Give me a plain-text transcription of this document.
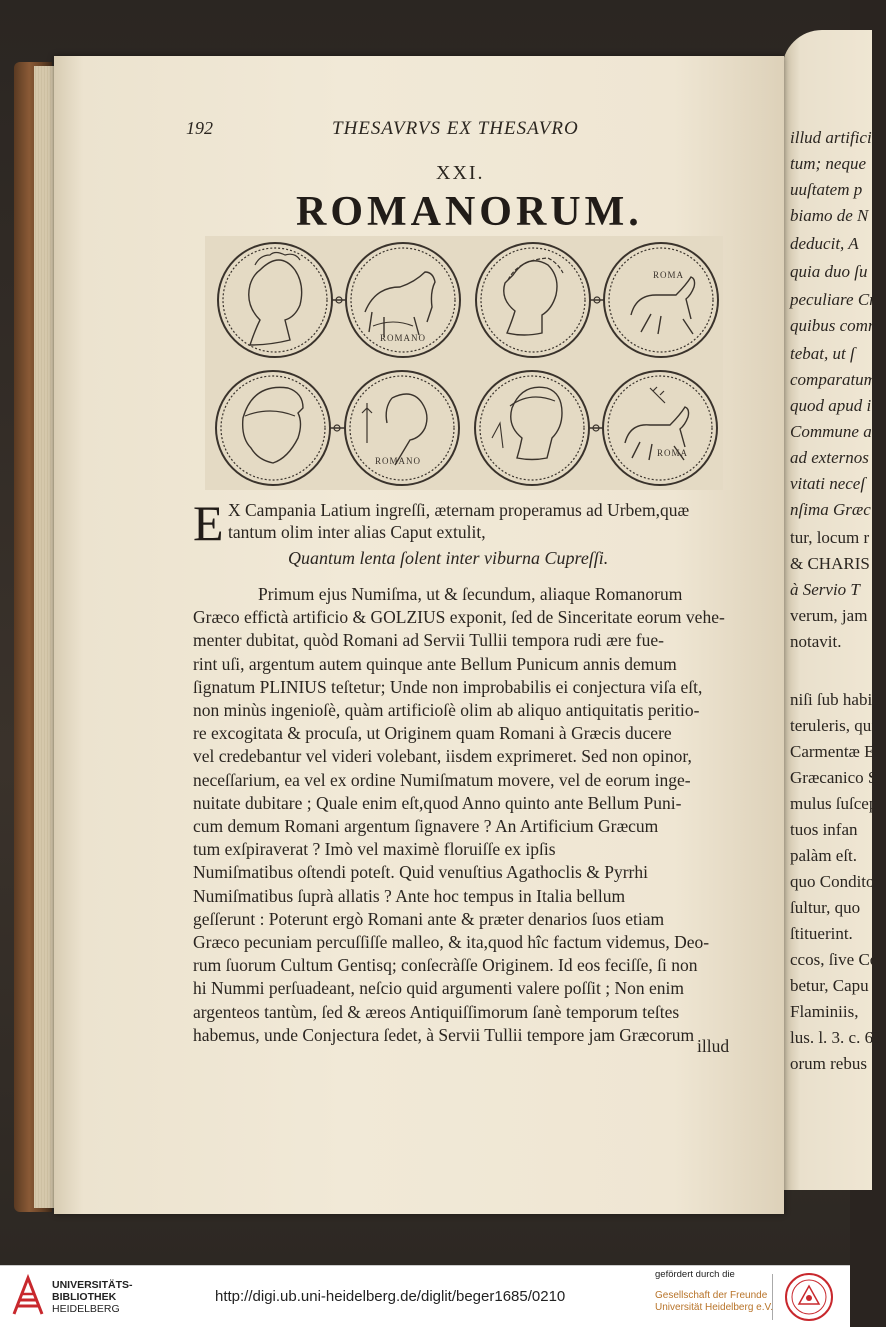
illud artifici
tum; neque
uuſtatem p
biamo de N
deducit, A
quia duo ſu
peculiare Cr
quibus comr
tebat, ut ſ
comparatum
quod apud i
Commune a
ad externos
vitati neceſ
nſima Græc
tur, locum r
& CHARIS
à Servio T
verum, jam
notavit.
niſi ſub habi
teruleris, qui
Carmentæ E
Græcanico S
mulus ſuſcep
tuos infan
palàm eſt.
quo Condito
ſultur, quo
ſtituerint.
ccos, ſive Co
betur, Capu
Flaminiis,
lus. l. 3. c. 63.
orum rebus
192	THESAVRVS EX THESAVRO
XXI.
ROMANORUM.
ROMANO
ROMA
ROMANO
ROMA
E X Campania Latium ingreſſi, æternam properamus ad Urbem,quæ
tantum olim inter alias Caput extulit,
Primum ejus Numiſma, ut & ſecundum, aliaque Romanorum
Græco effictà artificio & GOLZIUS exponit, ſed de Sinceritate eorum vehe-
menter dubitat, quòd Romani ad Servii Tullii tempora rudi ære fue-
rint uſi, argentum autem quinque ante Bellum Punicum annis demum
ſignatum PLINIUS teſtetur; Unde non improbabilis ei conjectura viſa eſt,
non minùs ingenioſè, quàm artificioſè olim ab aliquo antiquitatis peritio-
re excogitata & procuſa, ut Originem quam Romani à Græcis ducere
vel credebantur vel videri volebant, iisdem exprimeret. Sed non opinor,
neceſſarium, ea vel ex ordine Numiſmatum movere, vel de eorum inge-
nuitate dubitare ; Quale enim eſt,quod Anno quinto ante Bellum Puni-
cum demum Romani argentum ſignavere ? An Artificium Græcum
tum exſpiraverat ? Imò vel maximè floruiſſe ex ipſis
Numiſmatibus oſtendi poteſt. Quid venuſtius Agathoclis & Pyrrhi
Numiſmatibus ſuprà allatis ? Ante hoc tempus in Italia bellum
geſſerunt : Poterunt ergò Romani ante & præter denarios ſuos etiam
Græco pecuniam percuſſiſſe malleo, & ita,quod hîc factum videmus, Deo-
rum ſuorum Cultum Gentisq; conſecràſſe Originem. Id eos feciſſe, ſi non
hi Nummi perſuadeant, neſcio quid argumenti valere poſſit ; Non enim
argenteos tantùm, ſed & æreos Antiquiſſimorum ſanè temporum teſtes
habemus, unde Conjectura ſedet, à Servii Tullii tempore jam Græcorum
Quantum lenta ſolent inter viburna Cupreſſi.
illud
UNIVERSITÄTS-
BIBLIOTHEK
HEIDELBERG
http://digi.ub.uni-heidelberg.de/diglit/beger1685/0210
gefördert durch die
Gesellschaft der Freunde
Universität Heidelberg e.V.
